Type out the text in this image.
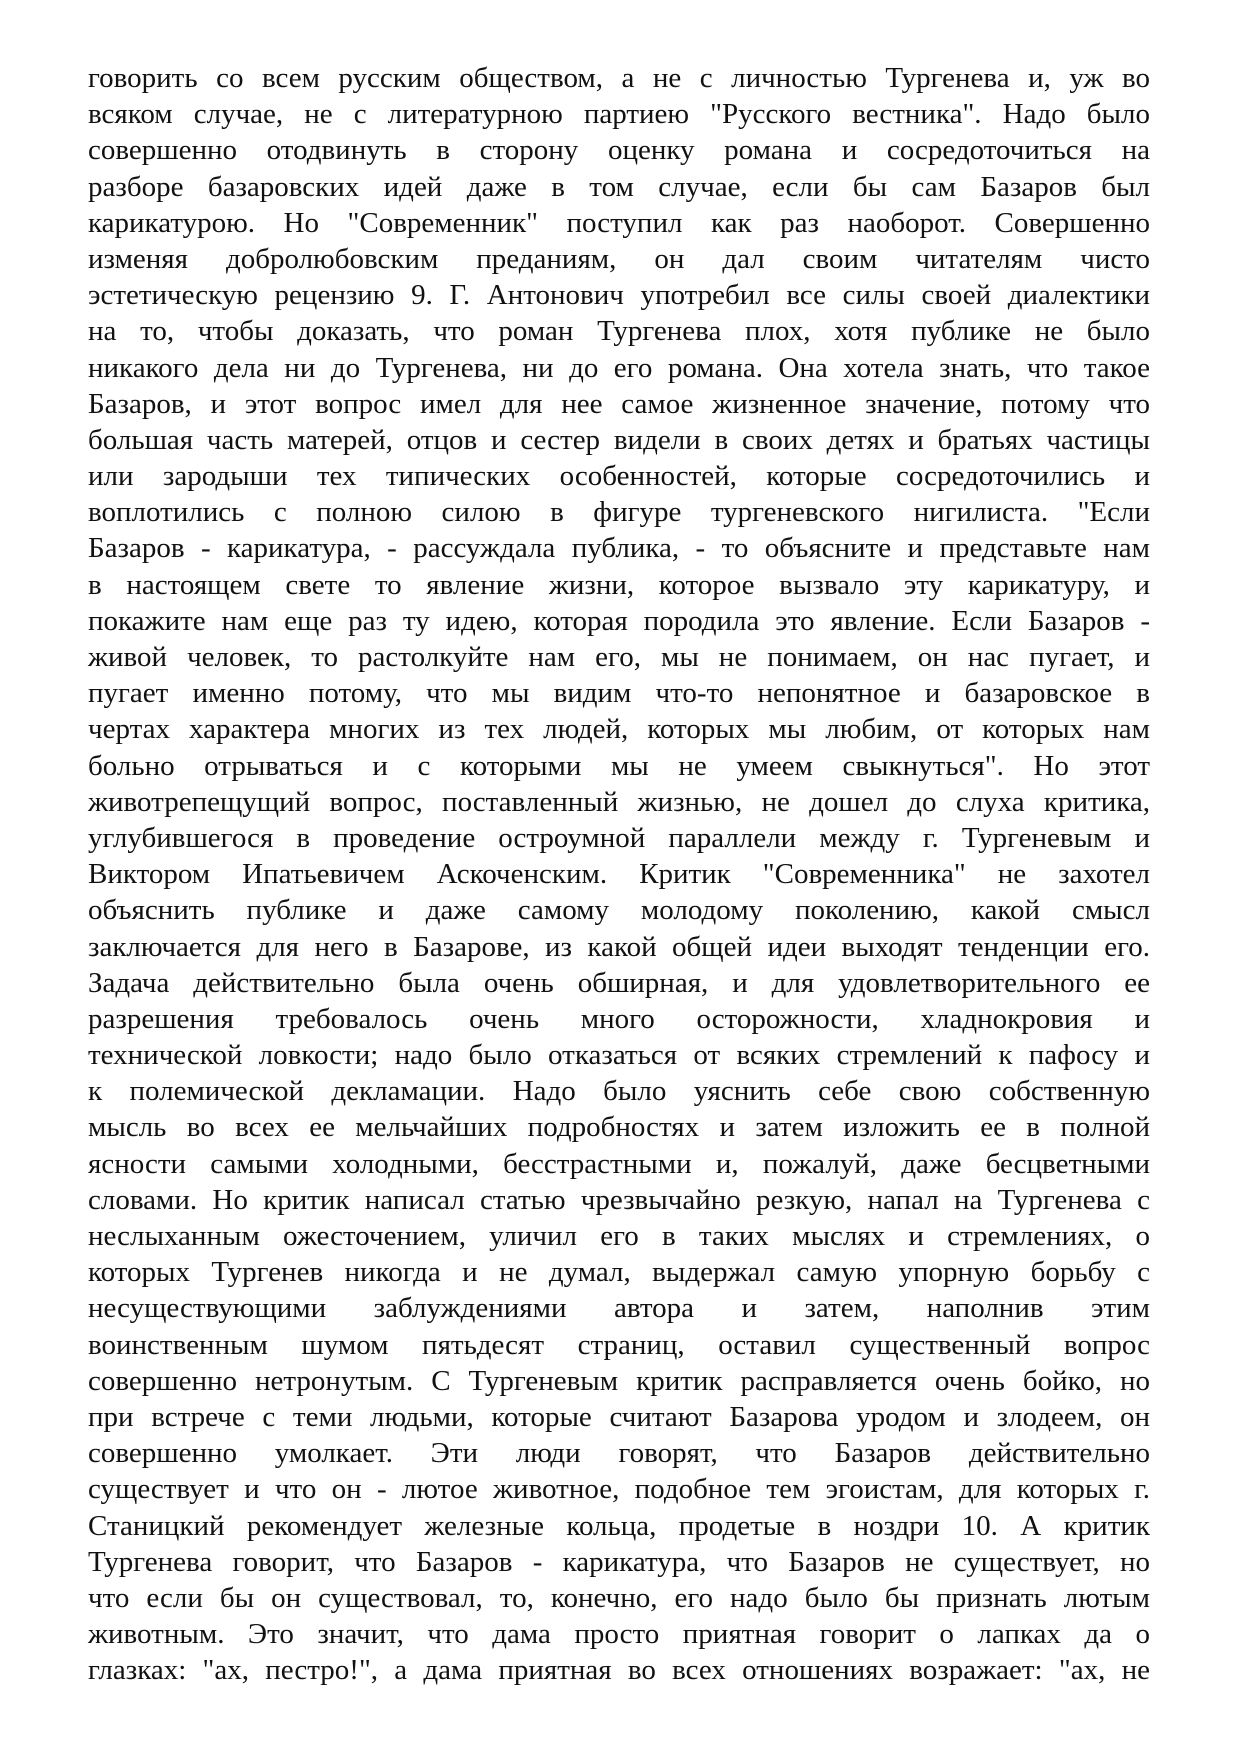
говорить со всем русским обществом, а не с личностью Тургенева и, уж во
всяком случае, не с литературною партиею "Русского вестника". Надо было
совершенно отодвинуть в сторону оценку романа и сосредоточиться на
разборе базаровских идей даже в том случае, если бы сам Базаров был
карикатурою. Но "Современник" поступил как раз наоборот. Совершенно
изменяя добролюбовским преданиям, он дал своим читателям чисто
эстетическую рецензию 9. Г. Антонович употребил все силы своей диалектики
на то, чтобы доказать, что роман Тургенева плох, хотя публике не было
никакого дела ни до Тургенева, ни до его романа. Она хотела знать, что такое
Базаров, и этот вопрос имел для нее самое жизненное значение, потому что
большая часть матерей, отцов и сестер видели в своих детях и братьях частицы
или зародыши тех типических особенностей, которые сосредоточились и
воплотились с полною силою в фигуре тургеневского нигилиста. "Если
Базаров - карикатура, - рассуждала публика, - то объясните и представьте нам
в настоящем свете то явление жизни, которое вызвало эту карикатуру, и
покажите нам еще раз ту идею, которая породила это явление. Если Базаров -
живой человек, то растолкуйте нам его, мы не понимаем, он нас пугает, и
пугает именно потому, что мы видим что-то непонятное и базаровское в
чертах характера многих из тех людей, которых мы любим, от которых нам
больно отрываться и с которыми мы не умеем свыкнуться". Но этот
животрепещущий вопрос, поставленный жизнью, не дошел до слуха критика,
углубившегося в проведение остроумной параллели между г. Тургеневым и
Виктором Ипатьевичем Аскоченским. Критик "Современника" не захотел
объяснить публике и даже самому молодому поколению, какой смысл
заключается для него в Базарове, из какой общей идеи выходят тенденции его.
Задача действительно была очень обширная, и для удовлетворительного ее
разрешения требовалось очень много осторожности, хладнокровия и
технической ловкости; надо было отказаться от всяких стремлений к пафосу и
к полемической декламации. Надо было уяснить себе свою собственную
мысль во всех ее мельчайших подробностях и затем изложить ее в полной
ясности самыми холодными, бесстрастными и, пожалуй, даже бесцветными
словами. Но критик написал статью чрезвычайно резкую, напал на Тургенева с
неслыханным ожесточением, уличил его в таких мыслях и стремлениях, о
которых Тургенев никогда и не думал, выдержал самую упорную борьбу с
несуществующими заблуждениями автора и затем, наполнив этим
воинственным шумом пятьдесят страниц, оставил существенный вопрос
совершенно нетронутым. С Тургеневым критик расправляется очень бойко, но
при встрече с теми людьми, которые считают Базарова уродом и злодеем, он
совершенно умолкает. Эти люди говорят, что Базаров действительно
существует и что он - лютое животное, подобное тем эгоистам, для которых г.
Станицкий рекомендует железные кольца, продетые в ноздри 10. А критик
Тургенева говорит, что Базаров - карикатура, что Базаров не существует, но
что если бы он существовал, то, конечно, его надо было бы признать лютым
животным. Это значит, что дама просто приятная говорит о лапках да о
глазках: "ах, пестро!", а дама приятная во всех отношениях возражает: "ах, не
